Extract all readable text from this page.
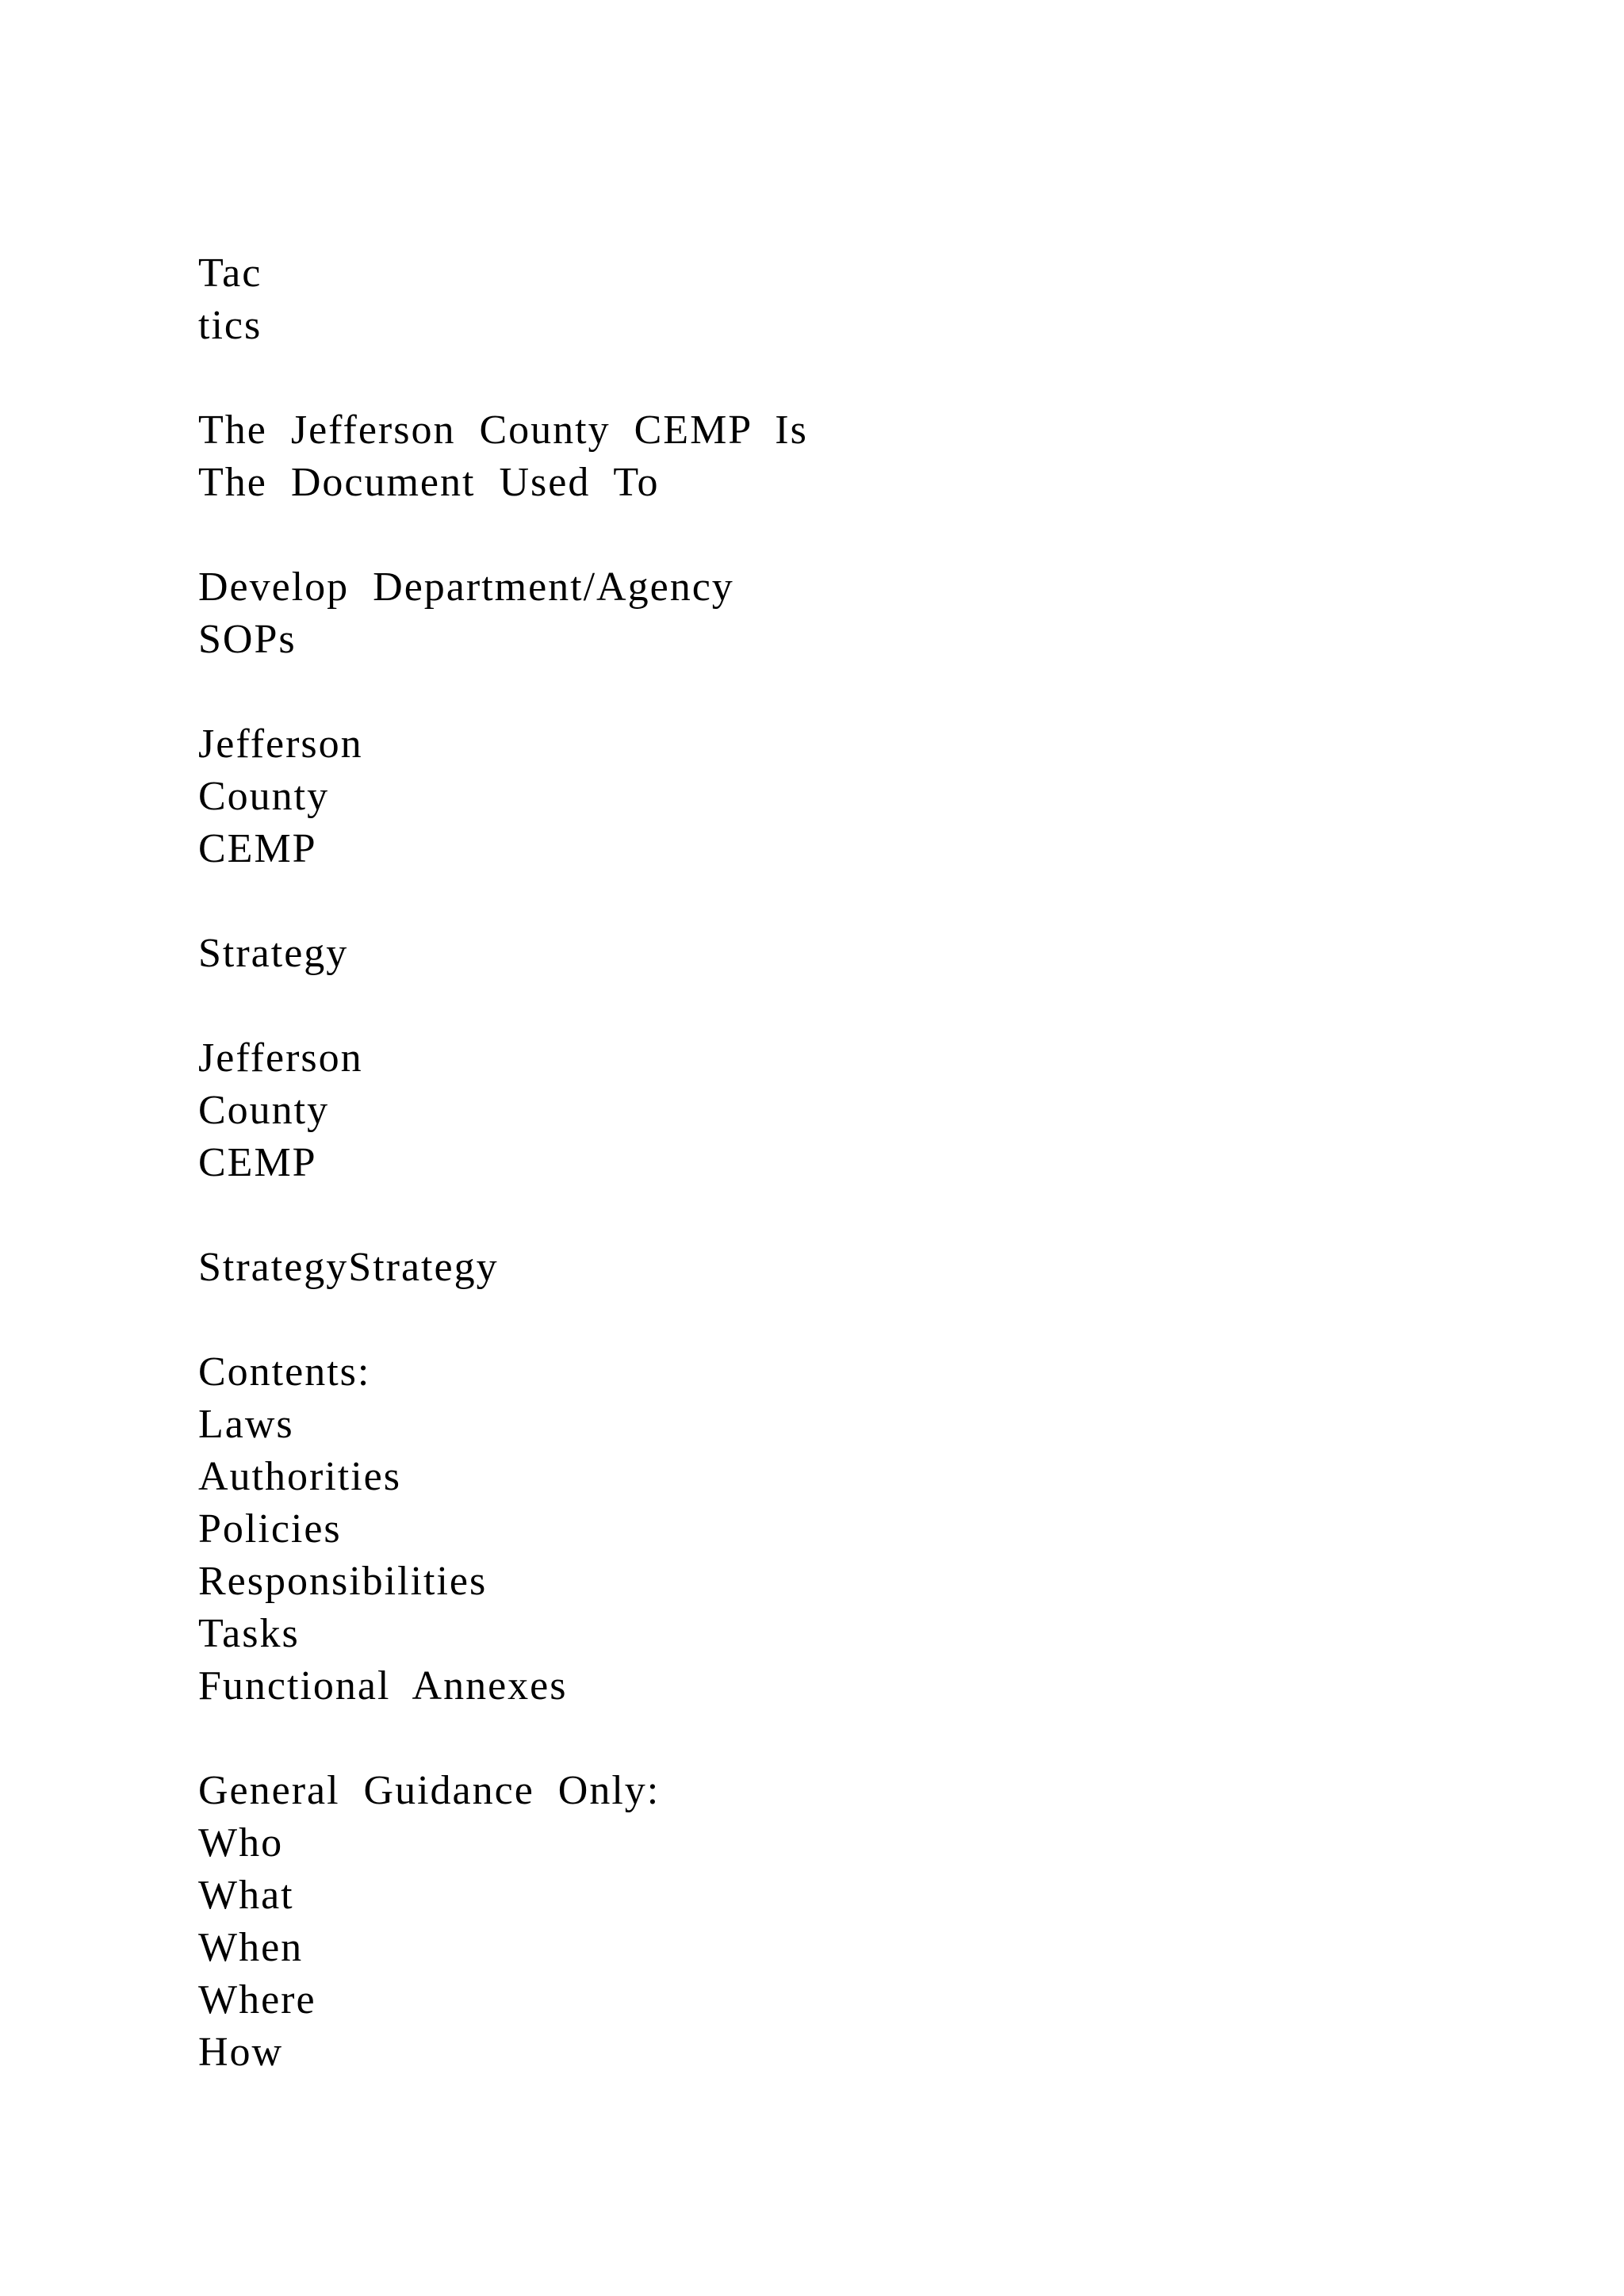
Tac
tics
The  Jefferson  County  CEMP  Is
The  Document  Used  To
Develop  Department/Agency
SOPs
Jefferson
County
CEMP
Strategy
Jefferson
County
CEMP
StrategyStrategy
Contents:
Laws
Authorities
Policies
Responsibilities
Tasks
Functional  Annexes
General  Guidance  Only:
Who
What
When
Where
How
